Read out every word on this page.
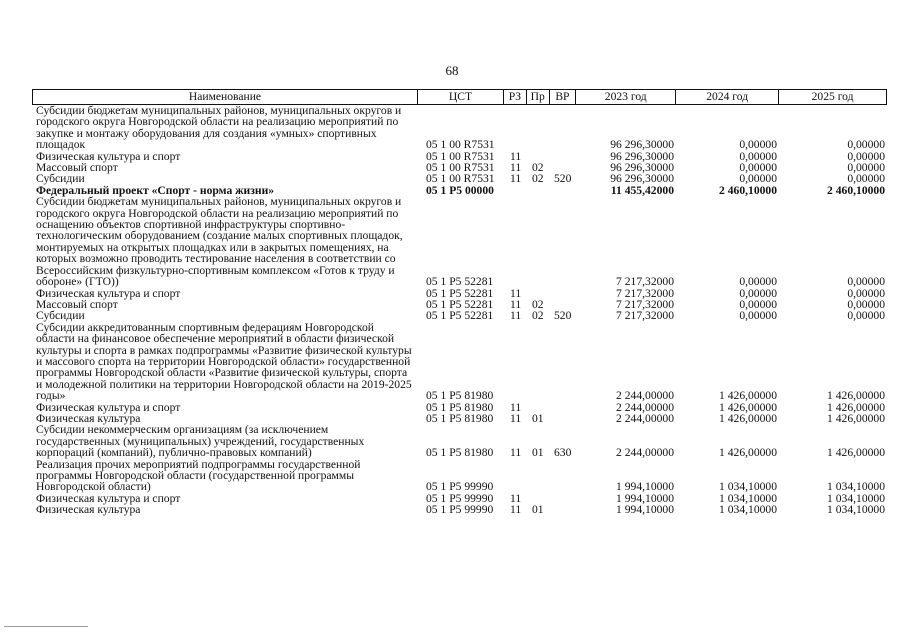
68
Наименование	ЦСТ	РЗ Пр ВР	2023 год	2024 год	2025 год
Субсидии бюджетам муниципальных районов, муниципальных округов и городского округа Новгородской области на реализацию мероприятий по закупке и монтажу оборудования для создания «умных» спортивных площадок	05 1 00 R7531	96 296,30000	0,00000	0,00000
Физическая культура и спорт	05 1 00 R7531	11	96 296,30000	0,00000	0,00000
Массовый спорт	05 1 00 R7531	11 02	96 296,30000	0,00000	0,00000
Субсидии	05 1 00 R7531	11 02 520	96 296,30000	0,00000	0,00000
Федеральный проект «Спорт - норма жизни»	05 1 P5 00000	11 455,42000	2 460,10000	2 460,10000
Субсидии бюджетам муниципальных районов, муниципальных округов и городского округа Новгородской области на реализацию мероприятий по оснащению объектов спортивной инфраструктуры спортивно-технологическим оборудованием (создание малых спортивных площадок, монтируемых на открытых площадках или в закрытых помещениях, на которых возможно проводить тестирование населения в соответствии со Всероссийским физкультурно-спортивным комплексом «Готов к труду и обороне» (ГТО))	05 1 P5 52281	7 217,32000	0,00000	0,00000
Физическая культура и спорт	05 1 P5 52281	11	7 217,32000	0,00000	0,00000
Массовый спорт	05 1 P5 52281	11 02	7 217,32000	0,00000	0,00000
Субсидии	05 1 P5 52281	11 02 520	7 217,32000	0,00000	0,00000
Субсидии аккредитованным спортивным федерациям Новгородской области на финансовое обеспечение мероприятий в области физической культуры и спорта в рамках подпрограммы «Развитие физической культуры и массового спорта на территории Новгородской области» государственной программы Новгородской области «Развитие физической культуры, спорта и молодежной политики на территории Новгородской области на 2019-2025 годы»	05 1 P5 81980	2 244,00000	1 426,00000	1 426,00000
Физическая культура и спорт	05 1 P5 81980	11	2 244,00000	1 426,00000	1 426,00000
Физическая культура	05 1 P5 81980	11 01	2 244,00000	1 426,00000	1 426,00000
Субсидии некоммерческим организациям (за исключением государственных (муниципальных) учреждений, государственных корпораций (компаний), публично-правовых компаний)	05 1 P5 81980	11 01 630	2 244,00000	1 426,00000	1 426,00000
Реализация прочих мероприятий подпрограммы государственной программы Новгородской области (государственной программы Новгородской области)	05 1 P5 99990	1 994,10000	1 034,10000	1 034,10000
Физическая культура и спорт	05 1 P5 99990	11	1 994,10000	1 034,10000	1 034,10000
Физическая культура	05 1 P5 99990	11 01	1 994,10000	1 034,10000	1 034,10000
